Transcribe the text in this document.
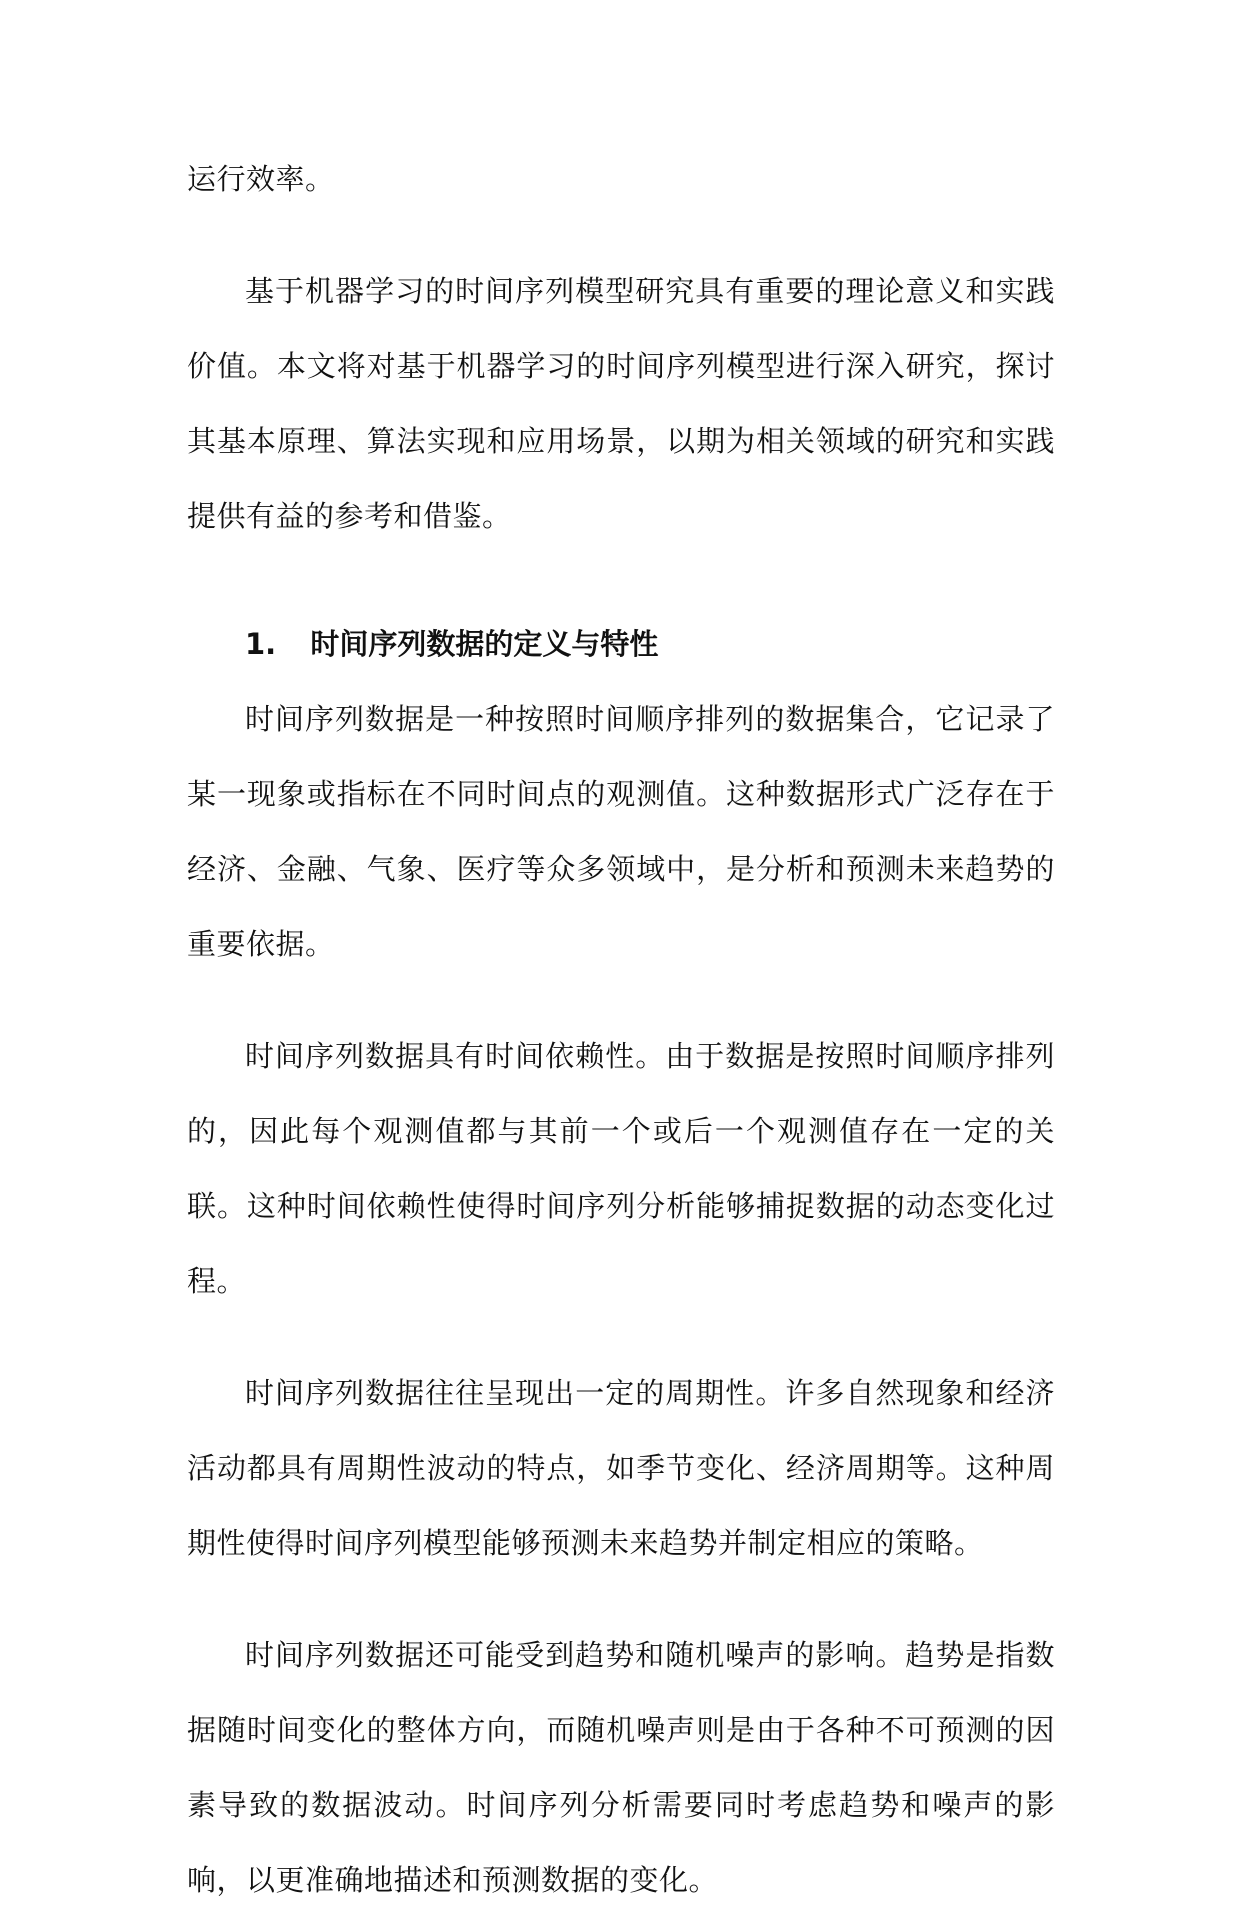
运行效率。

基于机器学习的时间序列模型研究具有重要的理论意义和实践价值。本文将对基于机器学习的时间序列模型进行深入研究，探讨其基本原理、算法实现和应用场景，以期为相关领域的研究和实践提供有益的参考和借鉴。

1. 时间序列数据的定义与特性

时间序列数据是一种按照时间顺序排列的数据集合，它记录了某一现象或指标在不同时间点的观测值。这种数据形式广泛存在于经济、金融、气象、医疗等众多领域中，是分析和预测未来趋势的重要依据。

时间序列数据具有时间依赖性。由于数据是按照时间顺序排列的，因此每个观测值都与其前一个或后一个观测值存在一定的关联。这种时间依赖性使得时间序列分析能够捕捉数据的动态变化过程。

时间序列数据往往呈现出一定的周期性。许多自然现象和经济活动都具有周期性波动的特点，如季节变化、经济周期等。这种周期性使得时间序列模型能够预测未来趋势并制定相应的策略。

时间序列数据还可能受到趋势和随机噪声的影响。趋势是指数据随时间变化的整体方向，而随机噪声则是由于各种不可预测的因素导致的数据波动。时间序列分析需要同时考虑趋势和噪声的影响，以更准确地描述和预测数据的变化。
